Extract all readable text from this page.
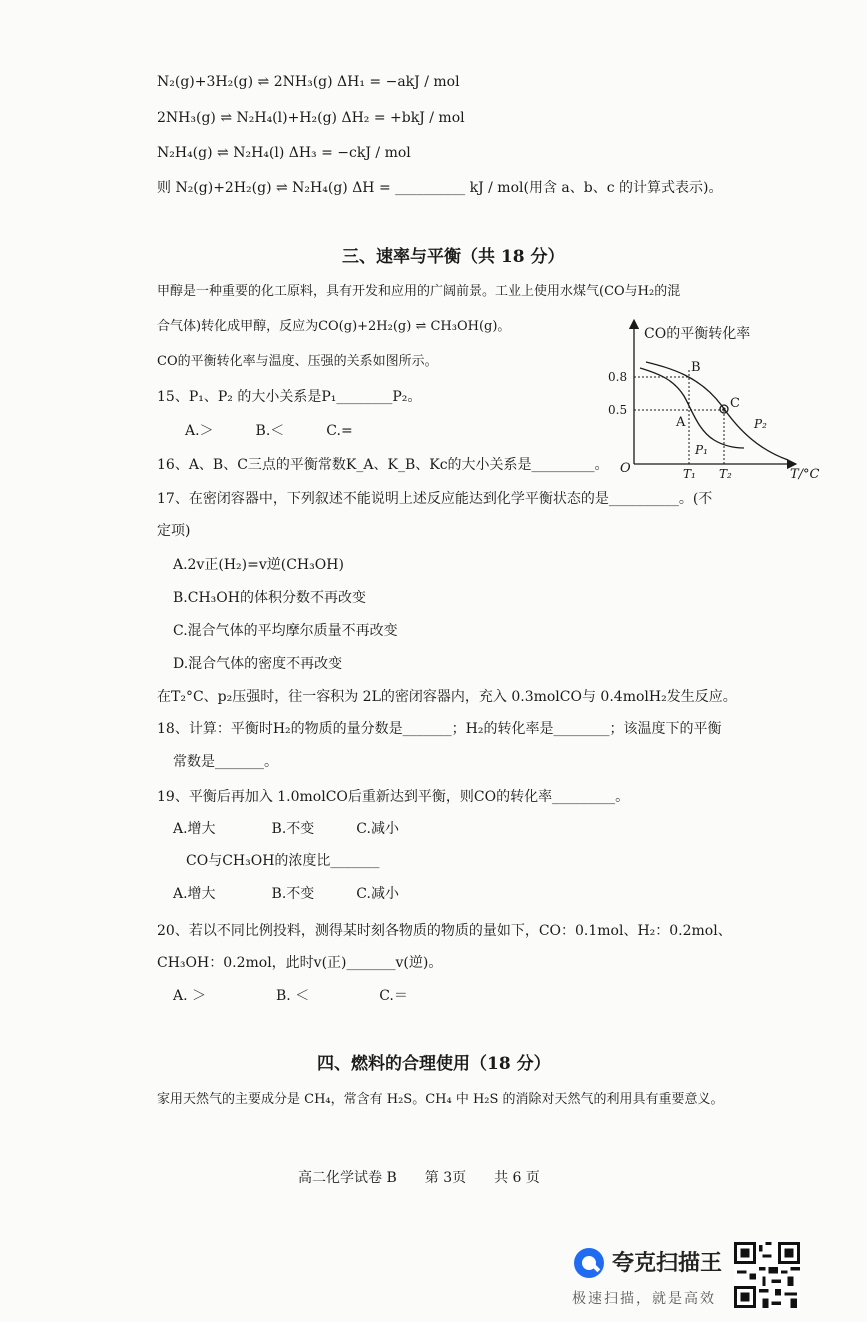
N₂(g)+3H₂(g) ⇌ 2NH₃(g) ΔH₁ = −akJ / mol
2NH₃(g) ⇌ N₂H₄(l)+H₂(g) ΔH₂ = +bkJ / mol
N₂H₄(g) ⇌ N₂H₄(l) ΔH₃ = −ckJ / mol
则 N₂(g)+2H₂(g) ⇌ N₂H₄(g) ΔH = __________ kJ / mol(用含 a、b、c 的计算式表示)。
三、速率与平衡（共 18 分）
甲醇是一种重要的化工原料，具有开发和应用的广阔前景。工业上使用水煤气(CO与H₂的混
合气体)转化成甲醇，反应为CO(g)+2H₂(g) ⇌ CH₃OH(g)。
CO的平衡转化率与温度、压强的关系如图所示。
15、P₁、P₂ 的大小关系是P₁________P₂。
A.＞　　　B.＜　　　C.=
16、A、B、C三点的平衡常数K_A、K_B、Kc的大小关系是_________。
17、在密闭容器中，下列叙述不能说明上述反应能达到化学平衡状态的是__________。(不
定项)
A.2v正(H₂)=v逆(CH₃OH)
B.CH₃OH的体积分数不再改变
C.混合气体的平均摩尔质量不再改变
D.混合气体的密度不再改变
在T₂°C、p₂压强时，往一容积为 2L的密闭容器内，充入 0.3molCO与 0.4molH₂发生反应。
18、计算：平衡时H₂的物质的量分数是_______；H₂的转化率是________；该温度下的平衡
常数是_______。
19、平衡后再加入 1.0molCO后重新达到平衡，则CO的转化率_________。
A.增大　　　　B.不变　　　C.减小
CO与CH₃OH的浓度比_______
A.增大　　　　B.不变　　　C.减小
20、若以不同比例投料，测得某时刻各物质的物质的量如下，CO：0.1mol、H₂：0.2mol、
CH₃OH：0.2mol，此时v(正)_______v(逆)。
A. ＞　　　　　B. ＜　　　　　C.＝
四、燃料的合理使用（18 分）
家用天然气的主要成分是 CH₄，常含有 H₂S。CH₄ 中 H₂S 的消除对天然气的利用具有重要意义。
高二化学试卷 B　　第 3页　　共 6 页
CO的平衡转化率
O	T/°C
0.8
0.5
B
A
C
P₁
P₂
T₁ T₂
夸克扫描王
极速扫描，就是高效
